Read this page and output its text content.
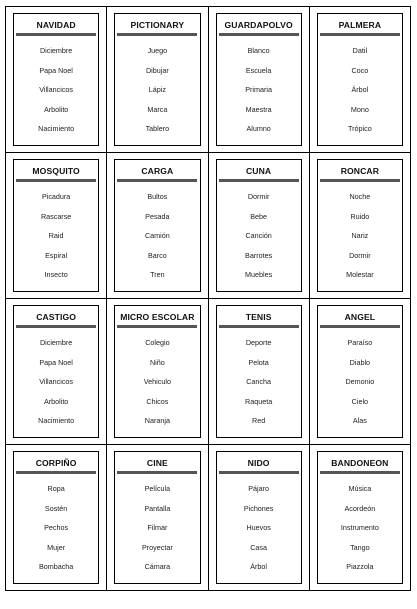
NAVIDAD
Diciembre
Papa Noel
Villancicos
Arbolito
Nacimiento
PICTIONARY
Juego
Dibujar
Lápiz
Marca
Tablero
GUARDAPOLVO
Blanco
Escuela
Primaria
Maestra
Alumno
PALMERA
Datil
Coco
Árbol
Mono
Trópico
MOSQUITO
Picadura
Rascarse
Raid
Espiral
Insecto
CARGA
Bultos
Pesada
Camión
Barco
Tren
CUNA
Dormir
Bebe
Canción
Barrotes
Muebles
RONCAR
Noche
Ruido
Nariz
Dormir
Molestar
CASTIGO
Diciembre
Papa Noel
Villancicos
Arbolito
Nacimiento
MICRO ESCOLAR
Colegio
Niño
Vehiculo
Chicos
Naranja
TENIS
Deporte
Pelota
Cancha
Raqueta
Red
ANGEL
Paraíso
Diablo
Demonio
Cielo
Alas
CORPIÑO
Ropa
Sostén
Pechos
Mujer
Bombacha
CINE
Película
Pantalla
Filmar
Proyectar
Cámara
NIDO
Pájaro
Pichones
Huevos
Casa
Árbol
BANDONEON
Música
Acordeón
Instrumento
Tango
Piazzola
